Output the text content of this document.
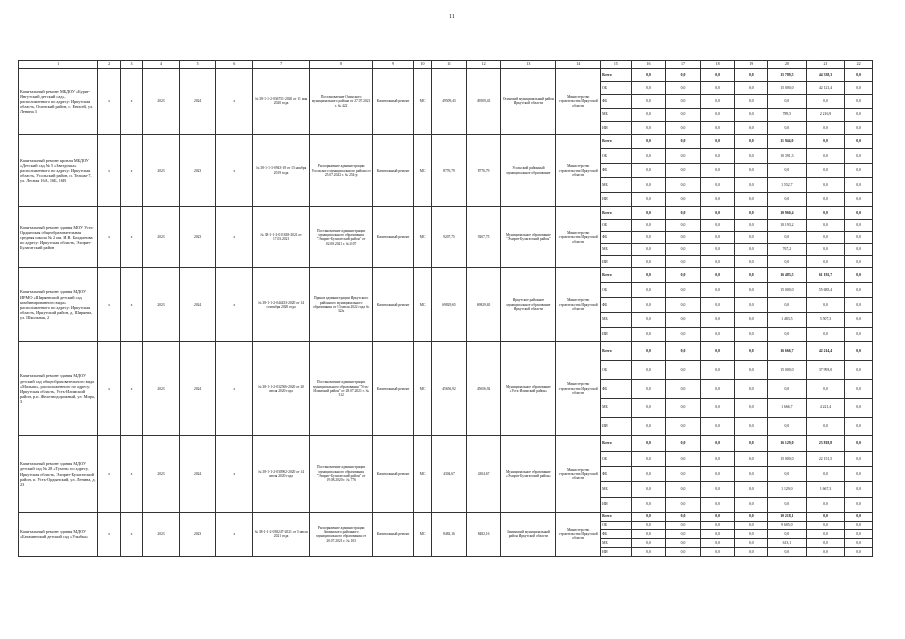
11
1	2	3	4	5	6	7	8	9	10	11	12	13	14	15	16	17	18	19	20	21	22
Капитальный ремонт МБДОУ «Бурят-Янгутский детский сад», расположенного по адресу: Иркутская область, Осинский район, с. Енисей, ул. Ленина 3	x	x	2023	2024	x	№ 38-1-1-2-036751-2020 от 11 мая 2020 года	Постановление Осинского муниципального района от 27.07.2021 г. № 422	Капитальный ремонт	МС	49509,43	49509,43	Осинский муниципальный район Иркутской области	Министерство строительства Иркутской области	Всего	0,0	0,0	0,0	0,0	15 789,5	44 338,3	0,0
														ОБ	0,0	0,0	0,0	0,0	15 000,0	42 121,4	0,0
														ФБ	0,0	0,0	0,0	0,0	0,0	0,0	0,0
														МБ	0,0	0,0	0,0	0,0	789,5	2 216,9	0,0
														ИИ	0,0	0,0	0,0	0,0	0,0	0,0	0,0
Капитальный ремонт кровли МБДОУ «Детский сад № 5 «Звездочка» расположенного по адресу: Иркутская область, Усольский район, п. Тельма-7, ул. Лесная 16А, 16Б, 16В	x	x	2023	2023	x	№ 38-1-1-3-0943-18 от 15 ноября 2019 года	Распоряжение администрации Усольского муниципального района от 25.07.2022 г. № 254-р	Капитальный ремонт	МС	8776,79	8776,79	Усольский районный муниципальное образование	Министерство строительства Иркутской области	Всего	0,0	0,0	0,0	0,0	11 944,0	0,0	0,0
														ОБ	0,0	0,0	0,0	0,0	10 391,3	0,0	0,0
														ФБ	0,0	0,0	0,0	0,0	0,0	0,0	0,0
														МБ	0,0	0,0	0,0	0,0	1 552,7	0,0	0,0
														ИИ	0,0	0,0	0,0	0,0	0,0	0,0	0,0
Капитальный ремонт здания МОУ Усть-Ордынская общеобразовательная средняя школа № 2 им. И.В. Балдынова по адресу: Иркутская область, Эхирит-Булагатский район	x	x	2023	2023	x	№ 38-1-1-2-011638-2021 от 17.03.2021	Постановление администрации муниципального образования "Эхирит-Булагатский район" от 02.08.2021 г. №1107	Капитальный ремонт	МС	9207,75	9207,75	Муниципальное образование "Эхирит-Булагатский район"	Министерство строительства Иркутской области	Всего	0,0	0,0	0,0	0,0	10 960,4	0,0	0,0
														ОБ	0,0	0,0	0,0	0,0	10 193,2	0,0	0,0
														ФБ	0,0	0,0	0,0	0,0	0,0	0,0	0,0
														МБ	0,0	0,0	0,0	0,0	767,2	0,0	0,0
														ИИ	0,0	0,0	0,0	0,0	0,0	0,0	0,0
Капитальный ремонт здания МДОУ ИРМО «Ширяевский детский сад комбинированного вида» расположенного по адресу: Иркутская область, Иркутский район, д. Ширяева, ул. Школьная, 2	x	x	2023	2024	x	№ 38-1-1-2-044433-2020 от 14 сентября 2020 года	Приказ администрации Иркутского районного муниципального образования от 13 июля 2022 года № 32/к	Капитальный ремонт	МС	69829,65	69829,65	Иркутское районное муниципальное образование Иркутской области	Министерство строительства Иркутской области	Всего	0,0	0,0	0,0	0,0	16 483,5	61 192,7	0,0
														ОБ	0,0	0,0	0,0	0,0	15 000,0	55 685,4	0,0
														ФБ	0,0	0,0	0,0	0,0	0,0	0,0	0,0
														МБ	0,0	0,0	0,0	0,0	1 483,5	5 507,3	0,0
														ИИ	0,0	0,0	0,0	0,0	0,0	0,0	0,0
Капитальный ремонт здания МДОУ детский сад общеобразовательного вида «Малыш», расположенного по адресу: Иркутская область, Усть-Илимский район, р.п. Железнодорожный, ул. Мира, 3	x	x	2023	2024	x	№ 38-1-1-2-032506-2020 от 20 июля 2020 года	Постановление администрации муниципального образования "Усть-Илимский район" от 28.07.2021 г. № 312	Капитальный ремонт	МС	45656,92	45656,92	Муниципальное образование «Усть-Илимский район»	Министерство строительства Иркутской области	Всего	0,0	0,0	0,0	0,0	16 666,7	42 214,4	0,0
														ОБ	0,0	0,0	0,0	0,0	15 000,0	37 993,0	0,0
														ФБ	0,0	0,0	0,0	0,0	0,0	0,0	0,0
														МБ	0,0	0,0	0,0	0,0	1 666,7	4 221,4	0,0
														ИИ	0,0	0,0	0,0	0,0	0,0	0,0	0,0
Капитальный ремонт здания МДОУ детский сад № 28 «Тумэн» по адресу, Иркутская область, Эхирит-Булагатский район, п. Усть-Ордынский, ул. Ленина, д. 23	x	x	2023	2024	x	№ 38-1-1-2-030902-2020 от 14 июля 2020 года	Постановление администрации муниципального образования "Эхирит-Булагатский район" от 19.08.2020 г. № 776	Капитальный ремонт	МС	4304,67	4304,67	Муниципальное образование «Эхирит-Булагатский район»	Министерство строительства Иркутской области	Всего	0,0	0,0	0,0	0,0	16 129,0	23 818,8	0,0
														ОБ	0,0	0,0	0,0	0,0	15 000,0	22 151,5	0,0
														ФБ	0,0	0,0	0,0	0,0	0,0	0,0	0,0
														МБ	0,0	0,0	0,0	0,0	1 129,0	1 667,3	0,0
														ИИ	0,0	0,0	0,0	0,0	0,0	0,0	0,0
Капитальный ремонт здания МДОУ «Батаминский детский сад «Улыбка»	x	x	2023	2023	x	№ 38-1-1-2-038247-2021 от 5 июля 2021 года	Распоряжение администрации Зиминского районного муниципального образования от 20.07.2021 г. № 103	Капитальный ремонт	МС	8482,16	8482,16	Зиминский муниципальный район Иркутской области	Министерство строительства Иркутской области	Всего	0,0	0,0	0,0	0,0	10 218,1	0,0	0,0
														ОБ	0,0	0,0	0,0	0,0	9 605,0	0,0	0,0
														ФБ	0,0	0,0	0,0	0,0	0,0	0,0	0,0
														МБ	0,0	0,0	0,0	0,0	613,1	0,0	0,0
														ИИ	0,0	0,0	0,0	0,0	0,0	0,0	0,0
